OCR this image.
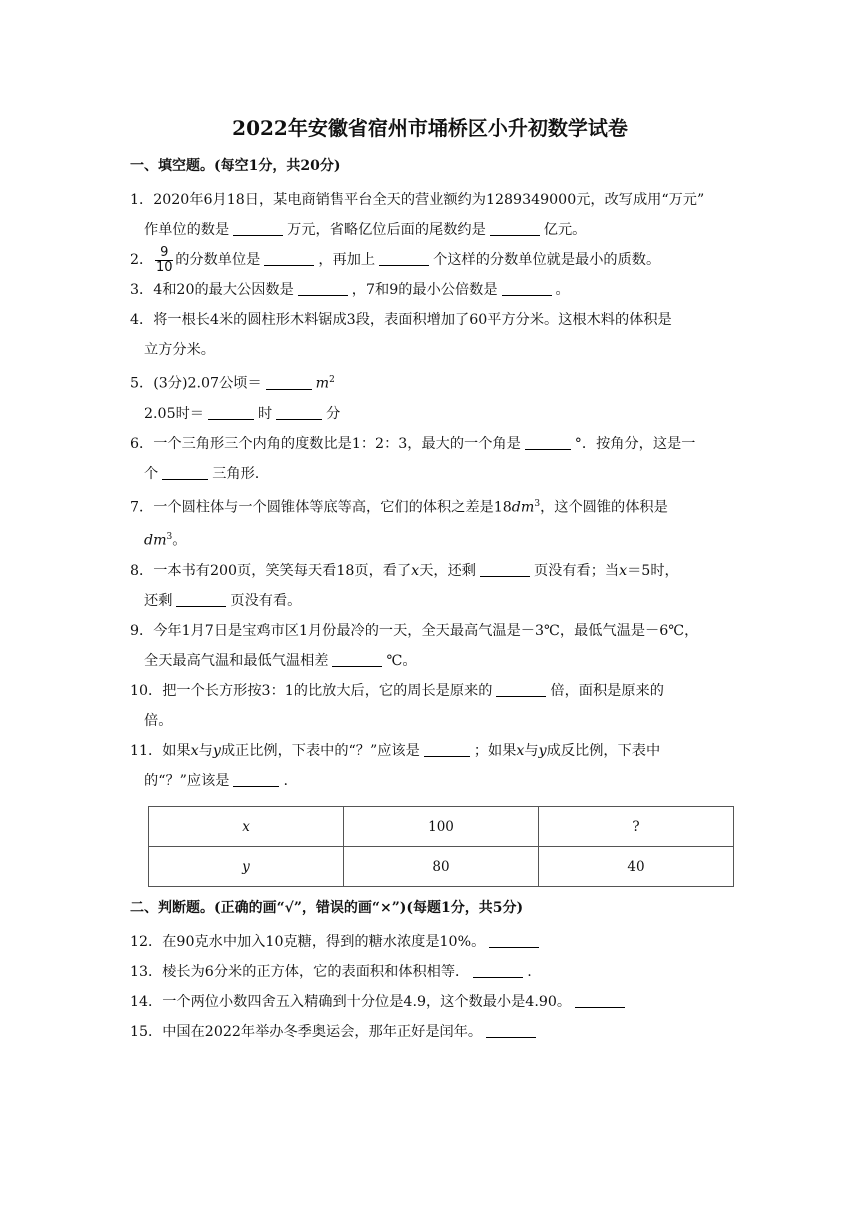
2022年安徽省宿州市埇桥区小升初数学试卷
一、填空题。(每空1分，共20分)

1．2020年6月18日，某电商销售平台全天的营业额约为1289349000元，改写成用“万元”

作单位的数是	万元，省略亿位后面的尾数约是	亿元。

2． $\frac{9}{10}$ 的分数单位是	，再加上	个这样的分数单位就是最小的质数。

3．4和20的最大公因数是	，7和9的最小公倍数是	。

4．将一根长4米的圆柱形木料锯成3段，表面积增加了60平方分米。这根木料的体积是

立方分米。

5．(3分)2.07公顷＝	$m^2$

2.05时＝	时	分

6．一个三角形三个内角的度数比是1：2：3，最大的一个角是	°．按角分，这是一

个	三角形.

7．一个圆柱体与一个圆锥体等底等高，它们的体积之差是$18dm^3$，这个圆锥的体积是

$dm^3$。

8．一本书有200页，笑笑每天看18页，看了x天，还剩	页没有看；当x＝5时，

还剩	页没有看。

9．今年1月7日是宝鸡市区1月份最冷的一天，全天最高气温是－3℃，最低气温是－6℃，

全天最高气温和最低气温相差	℃。

10．把一个长方形按3：1的比放大后，它的周长是原来的	倍，面积是原来的

倍。

11．如果x与y成正比例，下表中的“？”应该是	；如果x与y成反比例，下表中

的“？”应该是	.

x	100	?
y	80	40
二、判断题。(正确的画“√”，错误的画“×”)(每题1分，共5分)

12．在90克水中加入10克糖，得到的糖水浓度是10%。

13．棱长为6分米的正方体，它的表面积和体积相等．	.

14．一个两位小数四舍五入精确到十分位是4.9，这个数最小是4.90。

15．中国在2022年举办冬季奥运会，那年正好是闰年。
